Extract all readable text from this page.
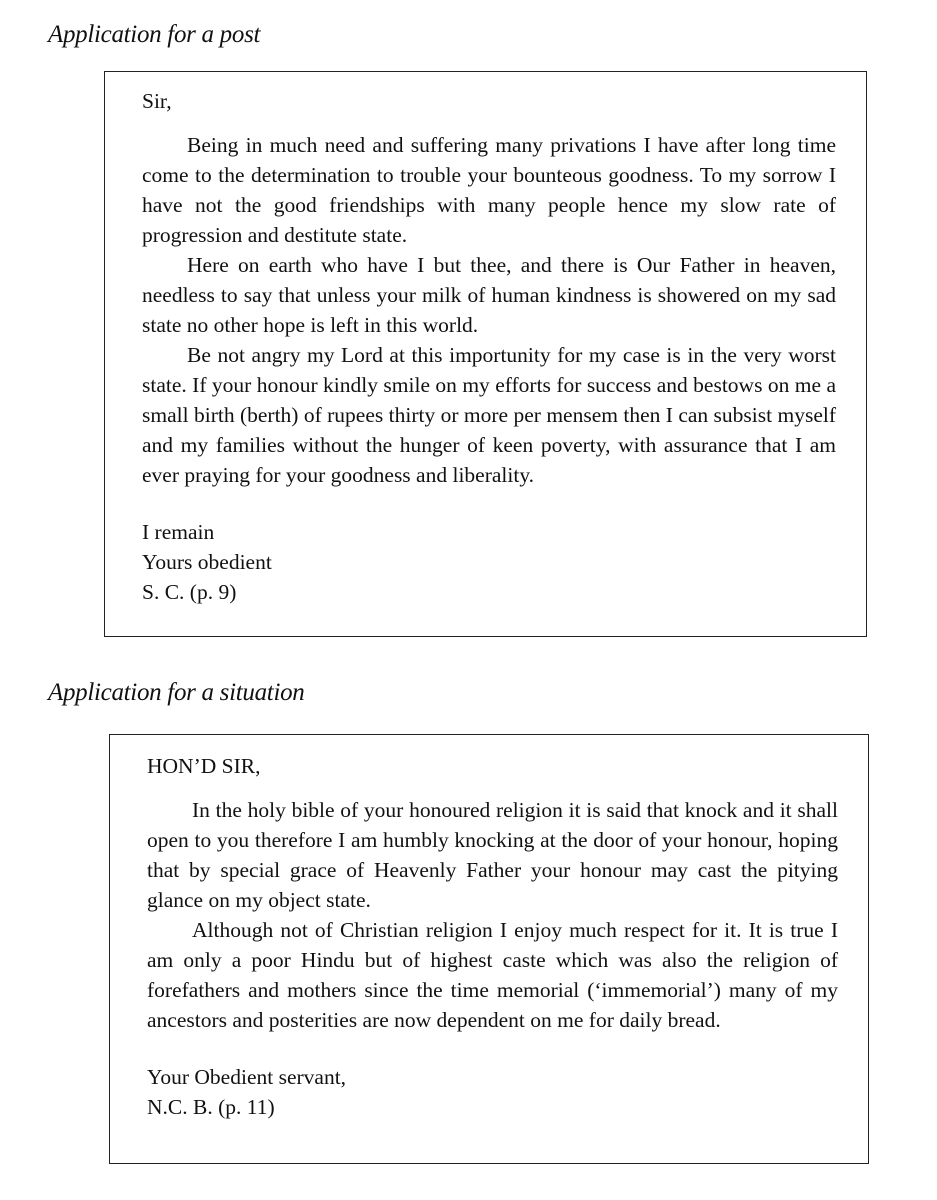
Application for a post

Sir,

Being in much need and suffering many privations I have after long time come to the determination to trouble your bounteous goodness. To my sorrow I have not the good friendships with many people hence my slow rate of progression and destitute state.

Here on earth who have I but thee, and there is Our Father in heaven, needless to say that unless your milk of human kindness is showered on my sad state no other hope is left in this world.

Be not angry my Lord at this importunity for my case is in the very worst state. If your honour kindly smile on my efforts for success and bestows on me a small birth (berth) of rupees thirty or more per mensem then I can subsist myself and my families without the hunger of keen poverty, with assurance that I am ever praying for your goodness and liberality.

I remain

Yours obedient

S. C. (p. 9)

Application for a situation

HON’D SIR,

In the holy bible of your honoured religion it is said that knock and it shall open to you therefore I am humbly knocking at the door of your honour, hoping that by special grace of Heavenly Father your honour may cast the pitying glance on my object state.

Although not of Christian religion I enjoy much respect for it. It is true I am only a poor Hindu but of highest caste which was also the religion of forefathers and mothers since the time memorial (‘immemorial’) many of my ancestors and posterities are now dependent on me for daily bread.

Your Obedient servant,

N.C. B. (p. 11)
